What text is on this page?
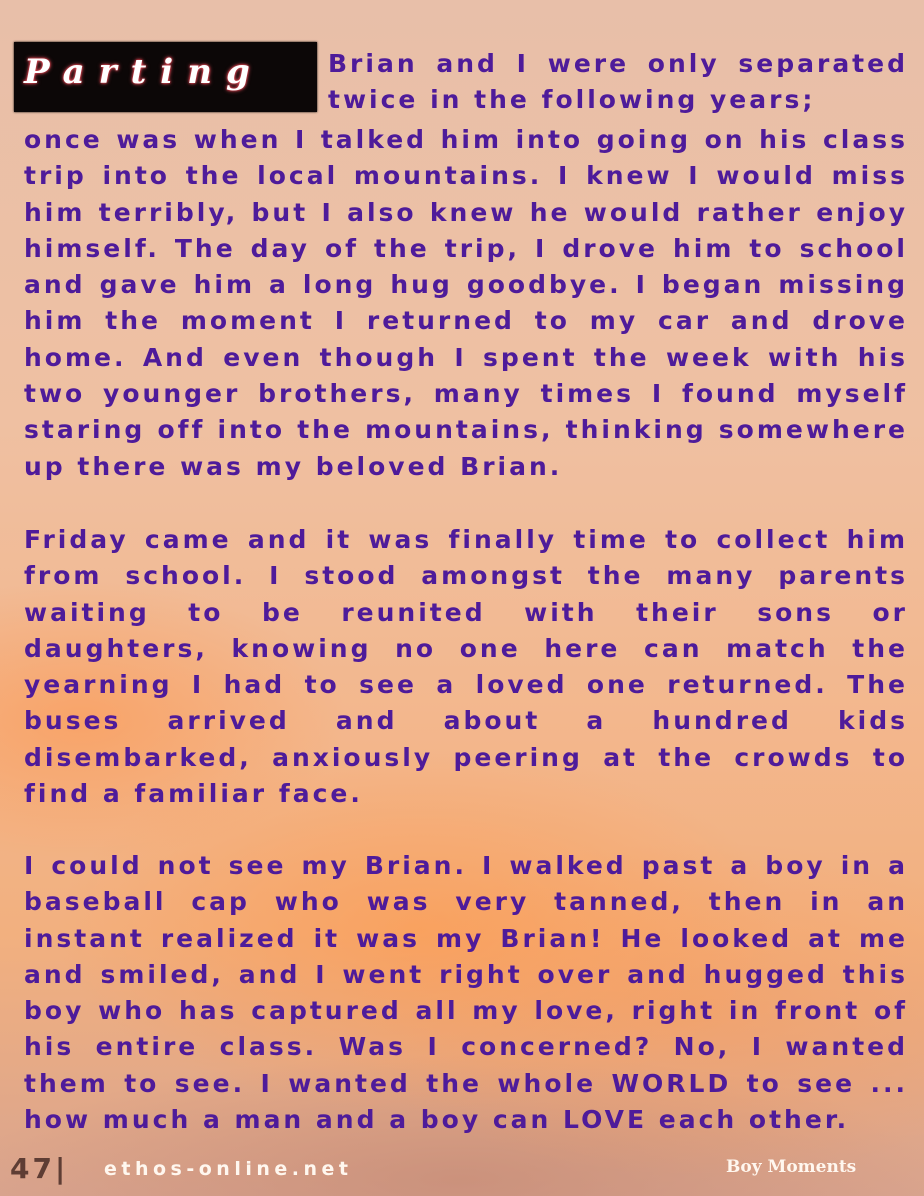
Parting	Brian and I were only separated twice in the following years;

once was when I talked him into going on his class trip into the local mountains. I knew I would miss him terribly, but I also knew he would rather enjoy himself. The day of the trip, I drove him to school and gave him a long hug goodbye. I began missing him the moment I returned to my car and drove home. And even though I spent the week with his two younger brothers, many times I found myself staring off into the mountains, thinking somewhere up there was my beloved Brian.

Friday came and it was finally time to collect him from school. I stood amongst the many parents waiting to be reunited with their sons or daughters, knowing no one here can match the yearning I had to see a loved one returned. The buses arrived and about a hundred kids disembarked, anxiously peering at the crowds to find a familiar face.

I could not see my Brian. I walked past a boy in a baseball cap who was very tanned, then in an instant realized it was my Brian! He looked at me and smiled, and I went right over and hugged this boy who has captured all my love, right in front of his entire class. Was I concerned? No, I wanted them to see. I wanted the whole WORLD to see ... how much a man and a boy can LOVE each other.

47| ethos-online.net	Boy Moments
